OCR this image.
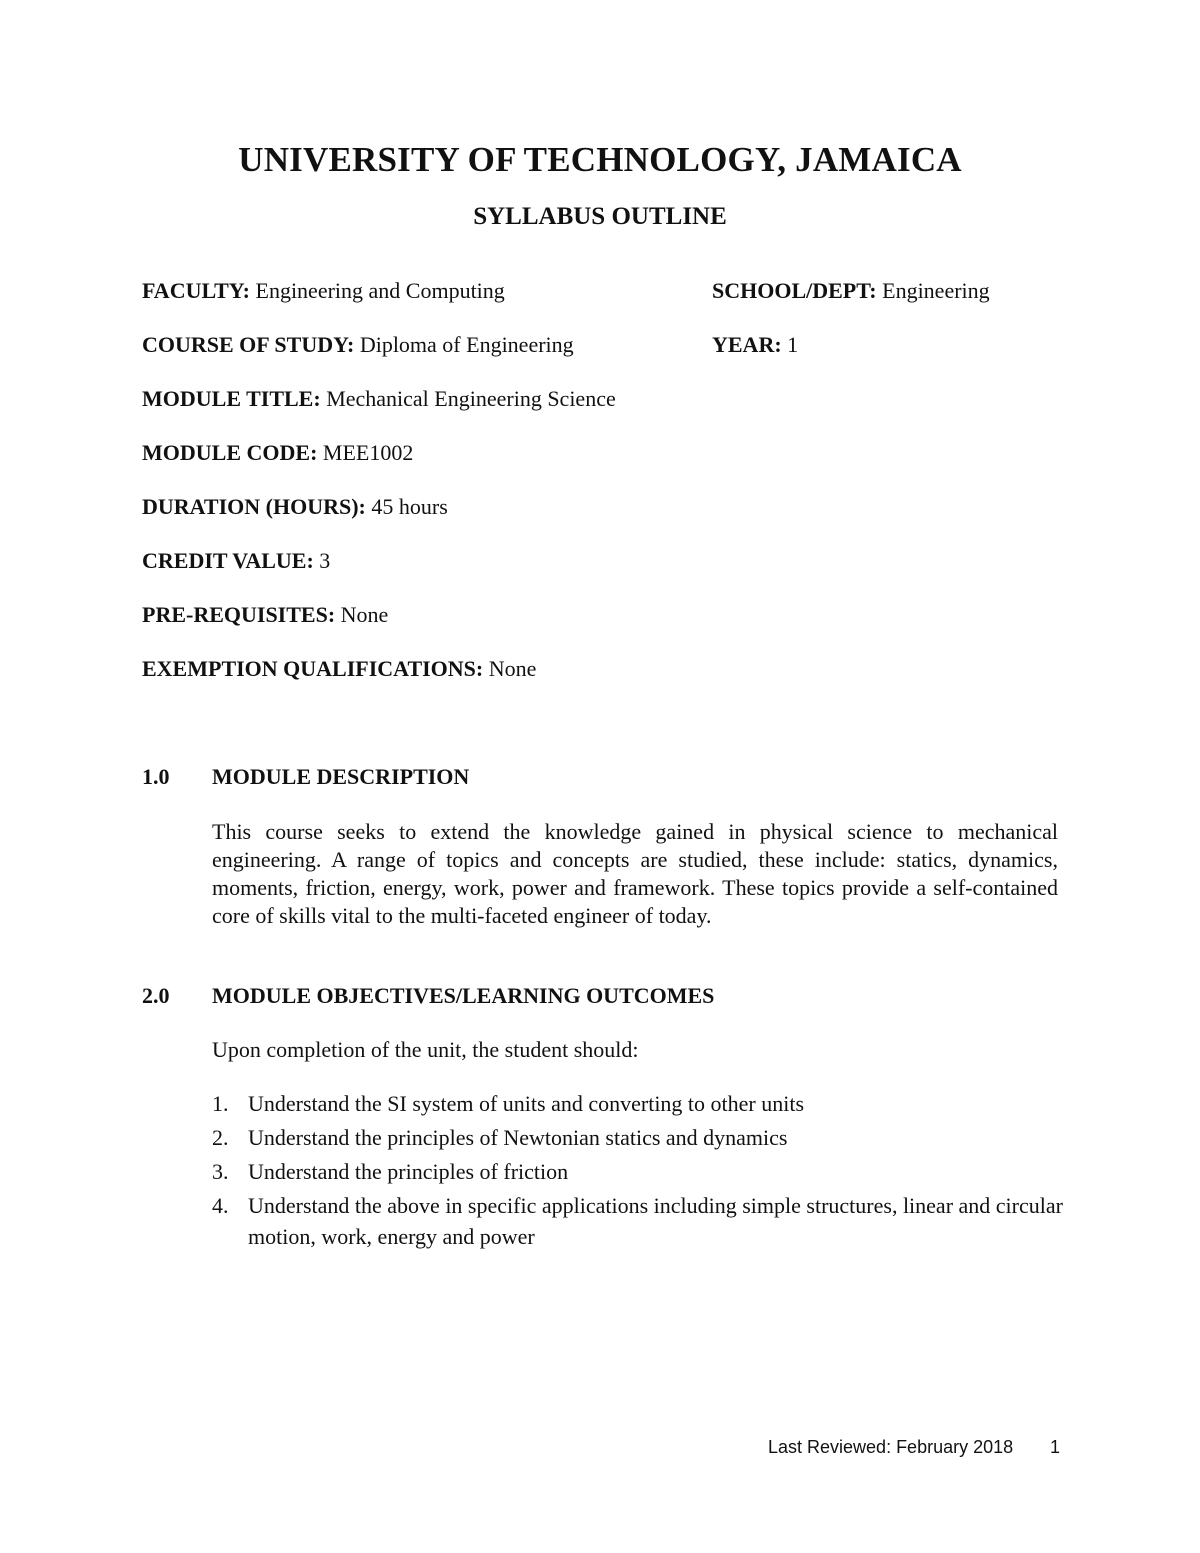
UNIVERSITY OF TECHNOLOGY, JAMAICA
SYLLABUS OUTLINE
FACULTY: Engineering and Computing	SCHOOL/DEPT: Engineering
COURSE OF STUDY: Diploma of Engineering	YEAR: 1
MODULE TITLE: Mechanical Engineering Science
MODULE CODE: MEE1002
DURATION (HOURS): 45 hours
CREDIT VALUE: 3
PRE-REQUISITES: None
EXEMPTION QUALIFICATIONS: None
1.0 MODULE DESCRIPTION
This course seeks to extend the knowledge gained in physical science to mechanical engineering. A range of topics and concepts are studied, these include: statics, dynamics, moments, friction, energy, work, power and framework. These topics provide a self-contained core of skills vital to the multi-faceted engineer of today.
2.0 MODULE OBJECTIVES/LEARNING OUTCOMES
Upon completion of the unit, the student should:
1. Understand the SI system of units and converting to other units
2. Understand the principles of Newtonian statics and dynamics
3. Understand the principles of friction
4. Understand the above in specific applications including simple structures, linear and circular motion, work, energy and power
Last Reviewed: February 2018 1
